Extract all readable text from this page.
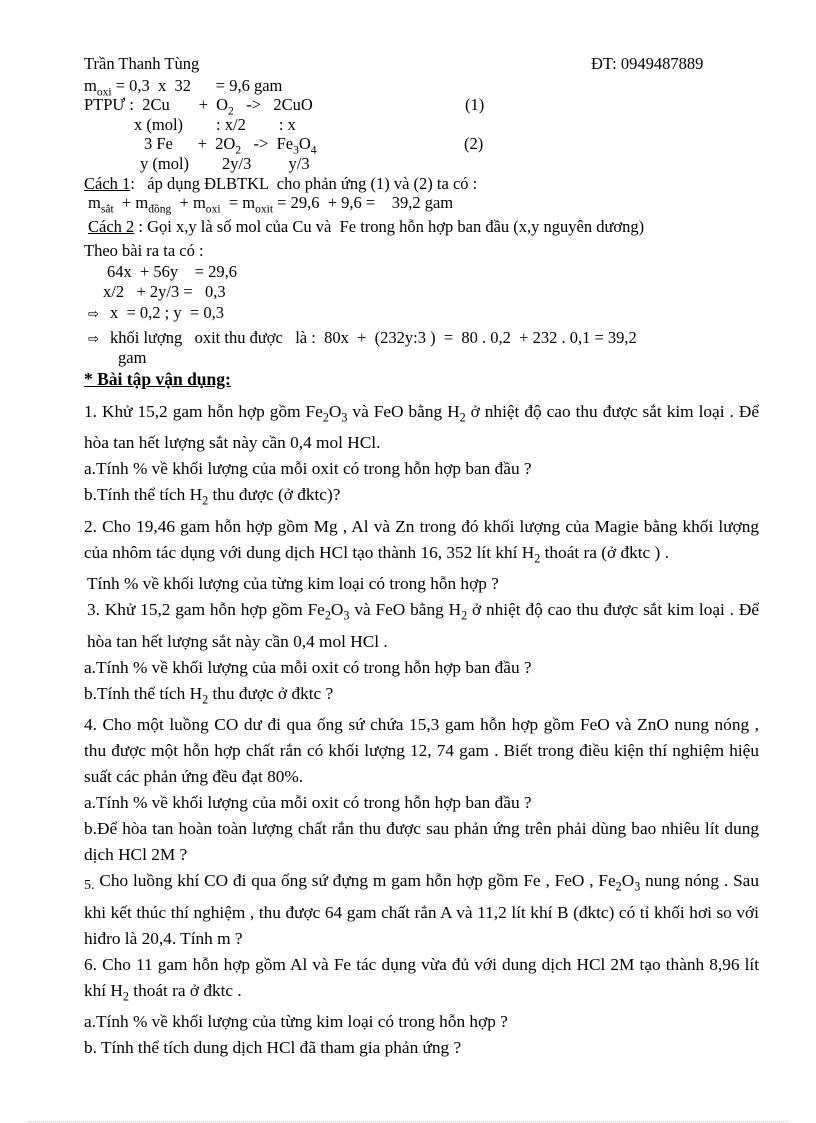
Trần Thanh Tùng	ĐT: 0949487889
$m_{oxi} = 0,3$  x  32      = 9,6 gam
PTPƯ :  2Cu       +  $O_2 -> 2CuO$	(1)
x (mol)        : x/2        : x
3 Fe      +  $2O_2 -> Fe_3O_4$	(2)
y (mol)        2y/3         y/3
Cách 1:   áp dụng ĐLBTKL  cho phản ứng (1) và (2) ta có :
$m_{sắt} + m_{đồng} + m_{oxi} = m_{oxit} = 29,6 + 9,6$ =    39,2 gam
Cách 2 : Gọi x,y là số mol của Cu và  Fe trong hỗn hợp ban đầu (x,y nguyên dương)
Theo bài ra ta có :
64x  + 56y    = 29,6
x/2   + 2y/3 =   0,3
⇨ x  = 0,2 ; y  = 0,3
⇨ khối lượng   oxit thu được   là :  80x  +  (232y:3 )  =  80 . 0,2  + 232 . 0,1 = 39,2
gam
* Bài tập vận dụng:

1. Khử 15,2 gam hỗn hợp gồm $Fe_2O_3$ và FeO bằng $H_2$ ở nhiệt độ cao thu được sắt kim loại . Để hòa tan hết lượng sắt này cần 0,4 mol HCl.

a.Tính % về khối lượng của mỗi oxit có trong hỗn hợp ban đầu ?

b.Tính thể tích $H_2$ thu được (ở đktc)?

2. Cho 19,46 gam hỗn hợp gồm Mg , Al và Zn trong đó khối lượng của Magie bằng khối lượng của nhôm tác dụng với dung dịch HCl tạo thành 16, 352 lít khí $H_2$ thoát ra (ở đktc ) .

Tính % về khối lượng của từng kim loại có trong hỗn hợp ?

3. Khử 15,2 gam hỗn hợp gồm $Fe_2O_3$ và FeO bằng $H_2$ ở nhiệt độ cao thu được sắt kim loại . Để hòa tan hết lượng sắt này cần 0,4 mol HCl .

a.Tính % về khối lượng của mỗi oxit có trong hỗn hợp ban đầu ?

b.Tính thể tích $H_2$ thu được ở đktc ?

4. Cho một luồng CO dư đi qua ống sứ chứa 15,3 gam hỗn hợp gồm FeO và ZnO nung nóng , thu được một hỗn hợp chất rắn có khối lượng 12, 74 gam . Biết trong điều kiện thí nghiệm hiệu suất các phản ứng đều đạt 80%.

a.Tính % về khối lượng của mỗi oxit có trong hỗn hợp ban đầu ?

b.Để hòa tan hoàn toàn lượng chất rắn thu được sau phản ứng trên phải dùng bao nhiêu lít dung dịch HCl 2M ?

5. Cho luồng khí CO đi qua ống sứ đựng m gam hỗn hợp gồm Fe , FeO , $Fe_2O_3$ nung nóng . Sau khi kết thúc thí nghiệm , thu được 64 gam chất rắn A và 11,2 lít khí B (đktc) có tỉ khối hơi so với hiđro là 20,4. Tính m ?

6. Cho 11 gam hỗn hợp gồm Al và Fe tác dụng vừa đủ với dung dịch HCl 2M tạo thành 8,96 lít khí $H_2$ thoát ra ở đktc .

a.Tính % về khối lượng của từng kim loại có trong hỗn hợp ?

b. Tính thể tích dung dịch HCl đã tham gia phản ứng ?
